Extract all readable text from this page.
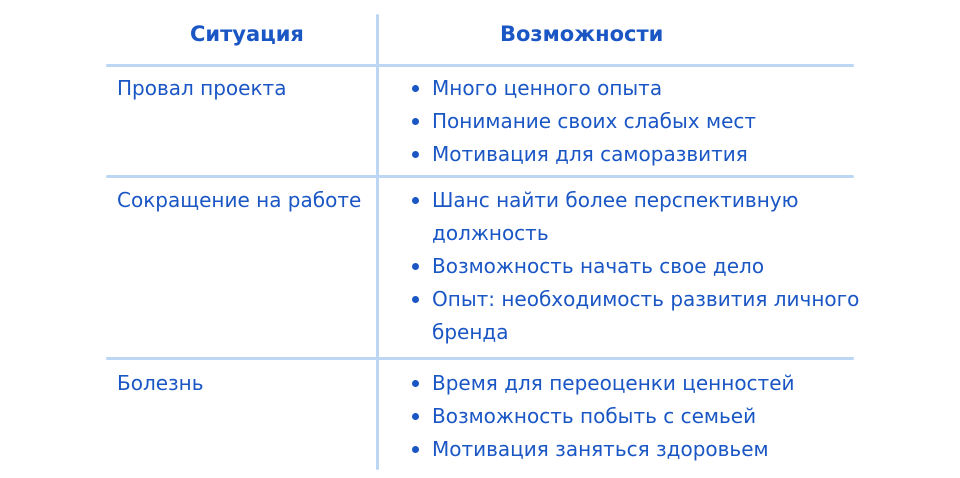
Ситуация	Возможности
Провал проекта	Много ценного опыта
Понимание своих слабых мест
Мотивация для саморазвития
Сокращение на работе	Шанс найти более перспективную должность
Возможность начать свое дело
Опыт: необходимость развития личного бренда
Болезнь	Время для переоценки ценностей
Возможность побыть с семьей
Мотивация заняться здоровьем
